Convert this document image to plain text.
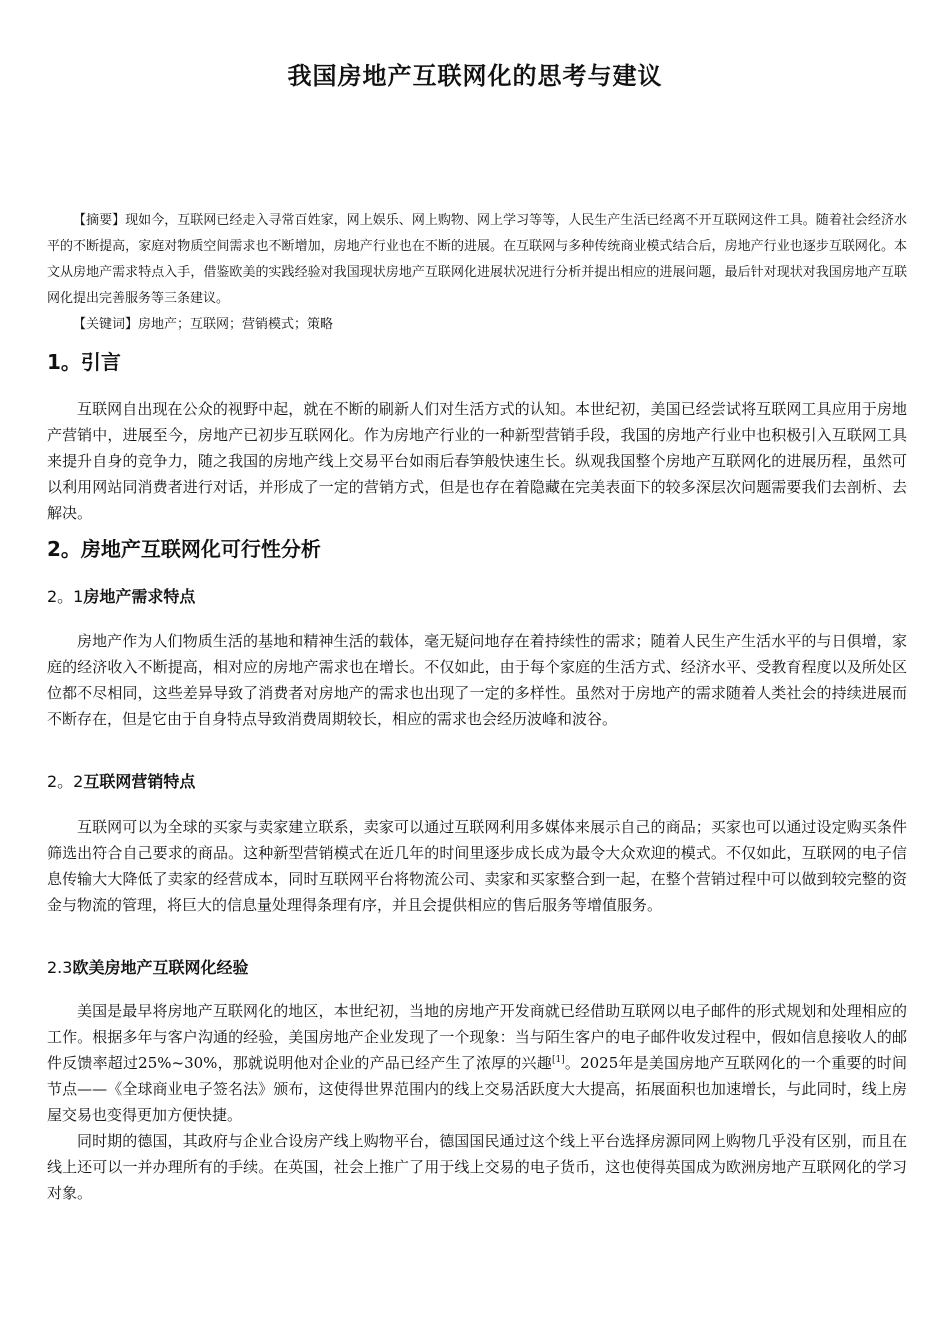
我国房地产互联网化的思考与建议

【摘要】现如今，互联网已经走入寻常百姓家，网上娱乐、网上购物、网上学习等等，人民生产生活已经离不开互联网这件工具。随着社会经济水平的不断提高，家庭对物质空间需求也不断增加，房地产行业也在不断的进展。在互联网与多种传统商业模式结合后，房地产行业也逐步互联网化。本文从房地产需求特点入手，借鉴欧美的实践经验对我国现状房地产互联网化进展状况进行分析并提出相应的进展问题，最后针对现状对我国房地产互联网化提出完善服务等三条建议。

【关键词】房地产；互联网；营销模式；策略

1。引言

互联网自出现在公众的视野中起，就在不断的刷新人们对生活方式的认知。本世纪初，美国已经尝试将互联网工具应用于房地产营销中，进展至今，房地产已初步互联网化。作为房地产行业的一种新型营销手段，我国的房地产行业中也积极引入互联网工具来提升自身的竞争力，随之我国的房地产线上交易平台如雨后春笋般快速生长。纵观我国整个房地产互联网化的进展历程，虽然可以利用网站同消费者进行对话，并形成了一定的营销方式，但是也存在着隐藏在完美表面下的较多深层次问题需要我们去剖析、去解决。

2。房地产互联网化可行性分析
2。1房地产需求特点

房地产作为人们物质生活的基地和精神生活的载体，毫无疑问地存在着持续性的需求；随着人民生产生活水平的与日俱增，家庭的经济收入不断提高，相对应的房地产需求也在增长。不仅如此，由于每个家庭的生活方式、经济水平、受教育程度以及所处区位都不尽相同，这些差异导致了消费者对房地产的需求也出现了一定的多样性。虽然对于房地产的需求随着人类社会的持续进展而不断存在，但是它由于自身特点导致消费周期较长，相应的需求也会经历波峰和波谷。

2。2互联网营销特点

互联网可以为全球的买家与卖家建立联系，卖家可以通过互联网利用多媒体来展示自己的商品；买家也可以通过设定购买条件筛选出符合自己要求的商品。这种新型营销模式在近几年的时间里逐步成长成为最令大众欢迎的模式。不仅如此，互联网的电子信息传输大大降低了卖家的经营成本，同时互联网平台将物流公司、卖家和买家整合到一起，在整个营销过程中可以做到较完整的资金与物流的管理，将巨大的信息量处理得条理有序，并且会提供相应的售后服务等增值服务。

2.3欧美房地产互联网化经验

美国是最早将房地产互联网化的地区，本世纪初，当地的房地产开发商就已经借助互联网以电子邮件的形式规划和处理相应的工作。根据多年与客户沟通的经验，美国房地产企业发现了一个现象：当与陌生客户的电子邮件收发过程中，假如信息接收人的邮件反馈率超过25%~30%，那就说明他对企业的产品已经产生了浓厚的兴趣[1]。2025年是美国房地产互联网化的一个重要的时间节点——《全球商业电子签名法》颁布，这使得世界范围内的线上交易活跃度大大提高，拓展面积也加速增长，与此同时，线上房屋交易也变得更加方便快捷。

同时期的德国，其政府与企业合设房产线上购物平台，德国国民通过这个线上平台选择房源同网上购物几乎没有区别，而且在线上还可以一并办理所有的手续。在英国，社会上推广了用于线上交易的电子货币，这也使得英国成为欧洲房地产互联网化的学习对象。
